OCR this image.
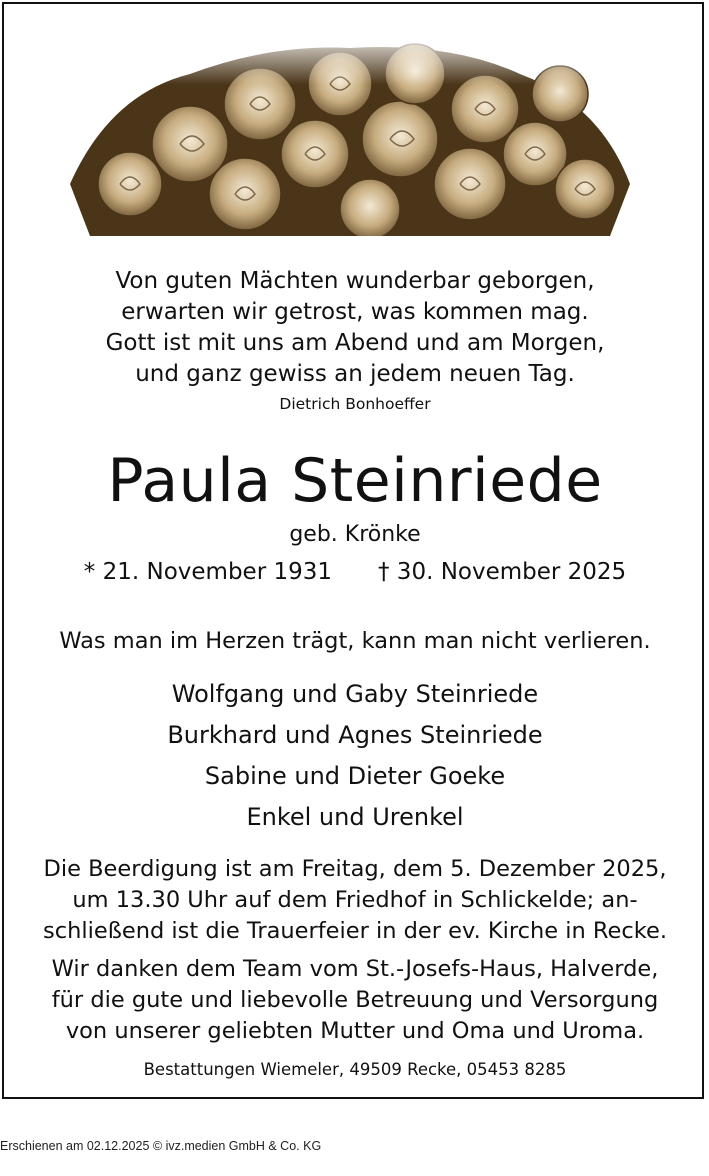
Von guten Mächten wunderbar geborgen,
erwarten wir getrost, was kommen mag.
Gott ist mit uns am Abend und am Morgen,
und ganz gewiss an jedem neuen Tag.
Dietrich Bonhoeffer
Paula Steinriede
geb. Krönke
* 21. November 1931 † 30. November 2025
Was man im Herzen trägt, kann man nicht verlieren.
Wolfgang und Gaby Steinriede
Burkhard und Agnes Steinriede
Sabine und Dieter Goeke
Enkel und Urenkel
Die Beerdigung ist am Freitag, dem 5. Dezember 2025,
um 13.30 Uhr auf dem Friedhof in Schlickelde; an-
schließend ist die Trauerfeier in der ev. Kirche in Recke.
Wir danken dem Team vom St.-Josefs-Haus, Halverde,
für die gute und liebevolle Betreuung und Versorgung
von unserer geliebten Mutter und Oma und Uroma.
Bestattungen Wiemeler, 49509 Recke, 05453 8285
Erschienen am 02.12.2025 © ivz.medien GmbH & Co. KG
